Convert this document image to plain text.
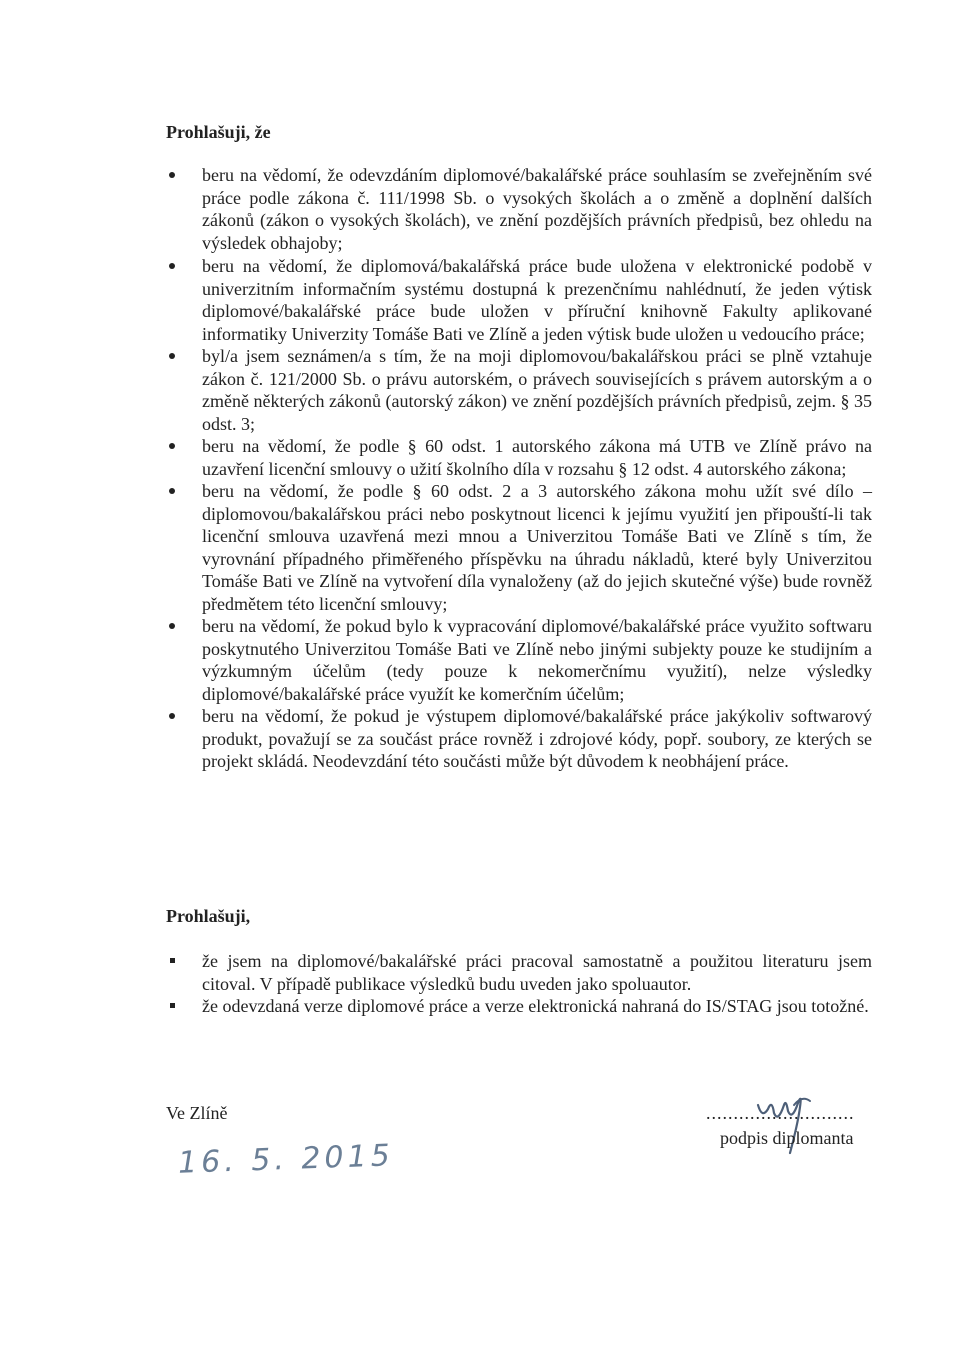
Prohlašuji, že
beru na vědomí, že odevzdáním diplomové/bakalářské práce souhlasím se zveřejněním své práce podle zákona č. 111/1998 Sb. o vysokých školách a o změně a doplnění dalších zákonů (zákon o vysokých školách), ve znění pozdějších právních předpisů, bez ohledu na výsledek obhajoby;
beru na vědomí, že diplomová/bakalářská práce bude uložena v elektronické podobě v univerzitním informačním systému dostupná k prezenčnímu nahlédnutí, že jeden výtisk diplomové/bakalářské práce bude uložen v příruční knihovně Fakulty aplikované informatiky Univerzity Tomáše Bati ve Zlíně a jeden výtisk bude uložen u vedoucího práce;
byl/a jsem seznámen/a s tím, že na moji diplomovou/bakalářskou práci se plně vztahuje zákon č. 121/2000 Sb. o právu autorském, o právech souvisejících s právem autorským a o změně některých zákonů (autorský zákon) ve znění pozdějších právních předpisů, zejm. § 35 odst. 3;
beru na vědomí, že podle § 60 odst. 1 autorského zákona má UTB ve Zlíně právo na uzavření licenční smlouvy o užití školního díla v rozsahu § 12 odst. 4 autorského zákona;
beru na vědomí, že podle § 60 odst. 2 a 3 autorského zákona mohu užít své dílo – diplomovou/bakalářskou práci nebo poskytnout licenci k jejímu využití jen připouští-li tak licenční smlouva uzavřená mezi mnou a Univerzitou Tomáše Bati ve Zlíně s tím, že vyrovnání případného přiměřeného příspěvku na úhradu nákladů, které byly Univerzitou Tomáše Bati ve Zlíně na vytvoření díla vynaloženy (až do jejich skutečné výše) bude rovněž předmětem této licenční smlouvy;
beru na vědomí, že pokud bylo k vypracování diplomové/bakalářské práce využito softwaru poskytnutého Univerzitou Tomáše Bati ve Zlíně nebo jinými subjekty pouze ke studijním a výzkumným účelům (tedy pouze k nekomerčnímu využití), nelze výsledky diplomové/bakalářské práce využít ke komerčním účelům;
beru na vědomí, že pokud je výstupem diplomové/bakalářské práce jakýkoliv softwarový produkt, považují se za součást práce rovněž i zdrojové kódy, popř. soubory, ze kterých se projekt skládá. Neodevzdání této součásti může být důvodem k neobhájení práce.
Prohlašuji,
že jsem na diplomové/bakalářské práci pracoval samostatně a použitou literaturu jsem citoval. V případě publikace výsledků budu uveden jako spoluautor.
že odevzdaná verze diplomové práce a verze elektronická nahraná do IS/STAG jsou totožné.
Ve Zlíně
16. 5. 2015
...........................
podpis diplomanta
